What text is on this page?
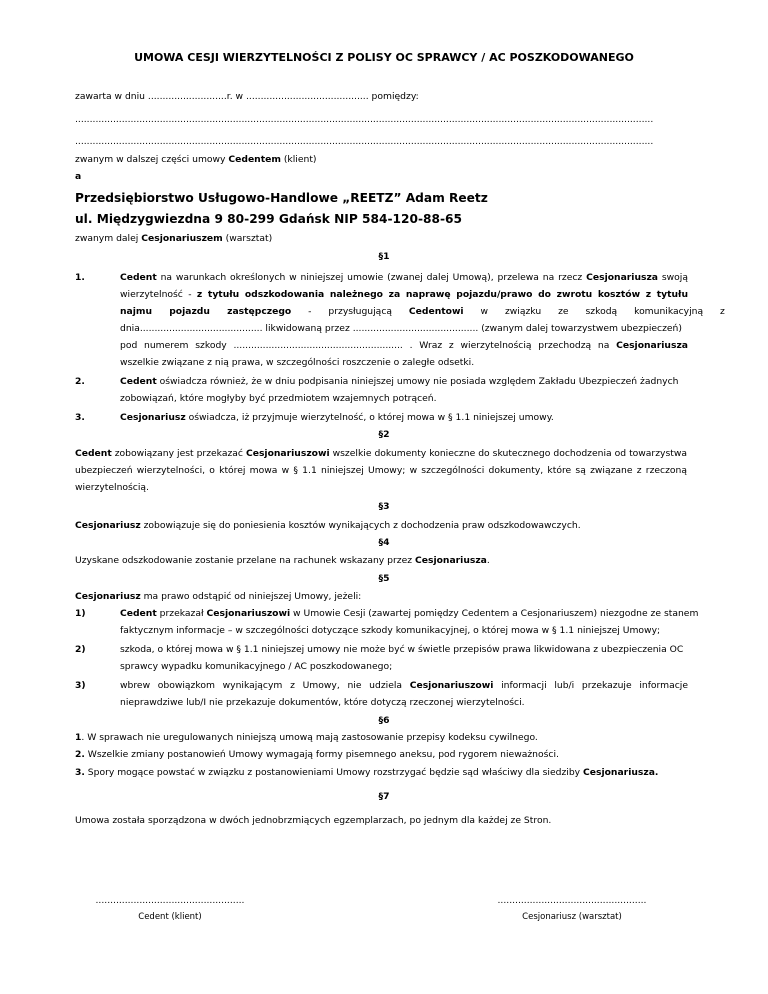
UMOWA CESJI WIERZYTELNOŚCI Z POLISY OC SPRAWCY / AC POSZKODOWANEGO
zawarta w dniu ...........................r. w .......................................... pomiędzy:
......................................................................................................................................................................................................
......................................................................................................................................................................................................
zwanym w dalszej części umowy Cedentem (klient)
a
Przedsiębiorstwo Usługowo-Handlowe „REETZ” Adam Reetz
ul. Międzygwiezdna 9 80-299 Gdańsk NIP 584-120-88-65
zwanym dalej Cesjonariuszem (warsztat)
§1
1.	Cedent na warunkach określonych w niniejszej umowie (zwanej dalej Umową), przelewa na rzecz Cesjonariusza swoją
wierzytelność - z tytułu odszkodowania należnego za naprawę pojazdu/prawo do zwrotu kosztów z tytułu
najmu pojazdu zastępczego - przysługującą Cedentowi w związku ze szkodą komunikacyjną z
dnia.......................................... likwidowaną przez ........................................... (zwanym dalej towarzystwem ubezpieczeń)
pod numerem szkody .......................................................... . Wraz z wierzytelnością przechodzą na Cesjonariusza
wszelkie związane z nią prawa, w szczególności roszczenie o zaległe odsetki.
2.	Cedent oświadcza również, że w dniu podpisania niniejszej umowy nie posiada względem Zakładu Ubezpieczeń żadnych
zobowiązań, które mogłyby być przedmiotem wzajemnych potrąceń.
3.	Cesjonariusz oświadcza, iż przyjmuje wierzytelność, o której mowa w § 1.1 niniejszej umowy.
§2
Cedent zobowiązany jest przekazać Cesjonariuszowi wszelkie dokumenty konieczne do skutecznego dochodzenia od towarzystwa
ubezpieczeń wierzytelności, o której mowa w § 1.1 niniejszej Umowy; w szczególności dokumenty, które są związane z rzeczoną
wierzytelnością.
§3
Cesjonariusz zobowiązuje się do poniesienia kosztów wynikających z dochodzenia praw odszkodowawczych.
§4
Uzyskane odszkodowanie zostanie przelane na rachunek wskazany przez Cesjonariusza.
§5
Cesjonariusz ma prawo odstąpić od niniejszej Umowy, jeżeli:
1)	Cedent przekazał Cesjonariuszowi w Umowie Cesji (zawartej pomiędzy Cedentem a Cesjonariuszem) niezgodne ze stanem
faktycznym informacje – w szczególności dotyczące szkody komunikacyjnej, o której mowa w § 1.1 niniejszej Umowy;
2)	szkoda, o której mowa w § 1.1 niniejszej umowy nie może być w świetle przepisów prawa likwidowana z ubezpieczenia OC
sprawcy wypadku komunikacyjnego / AC poszkodowanego;
3)	wbrew obowiązkom wynikającym z Umowy, nie udziela Cesjonariuszowi informacji lub/i przekazuje informacje
nieprawdziwe lub/I nie przekazuje dokumentów, które dotyczą rzeczonej wierzytelności.
§6
1. W sprawach nie uregulowanych niniejszą umową mają zastosowanie przepisy kodeksu cywilnego.
2. Wszelkie zmiany postanowień Umowy wymagają formy pisemnego aneksu, pod rygorem nieważności.
3. Spory mogące powstać w związku z postanowieniami Umowy rozstrzygać będzie sąd właściwy dla siedziby Cesjonariusza.
§7
Umowa została sporządzona w dwóch jednobrzmiących egzemplarzach, po jednym dla każdej ze Stron.
...................................................
Cedent (klient)
...................................................
Cesjonariusz (warsztat)
